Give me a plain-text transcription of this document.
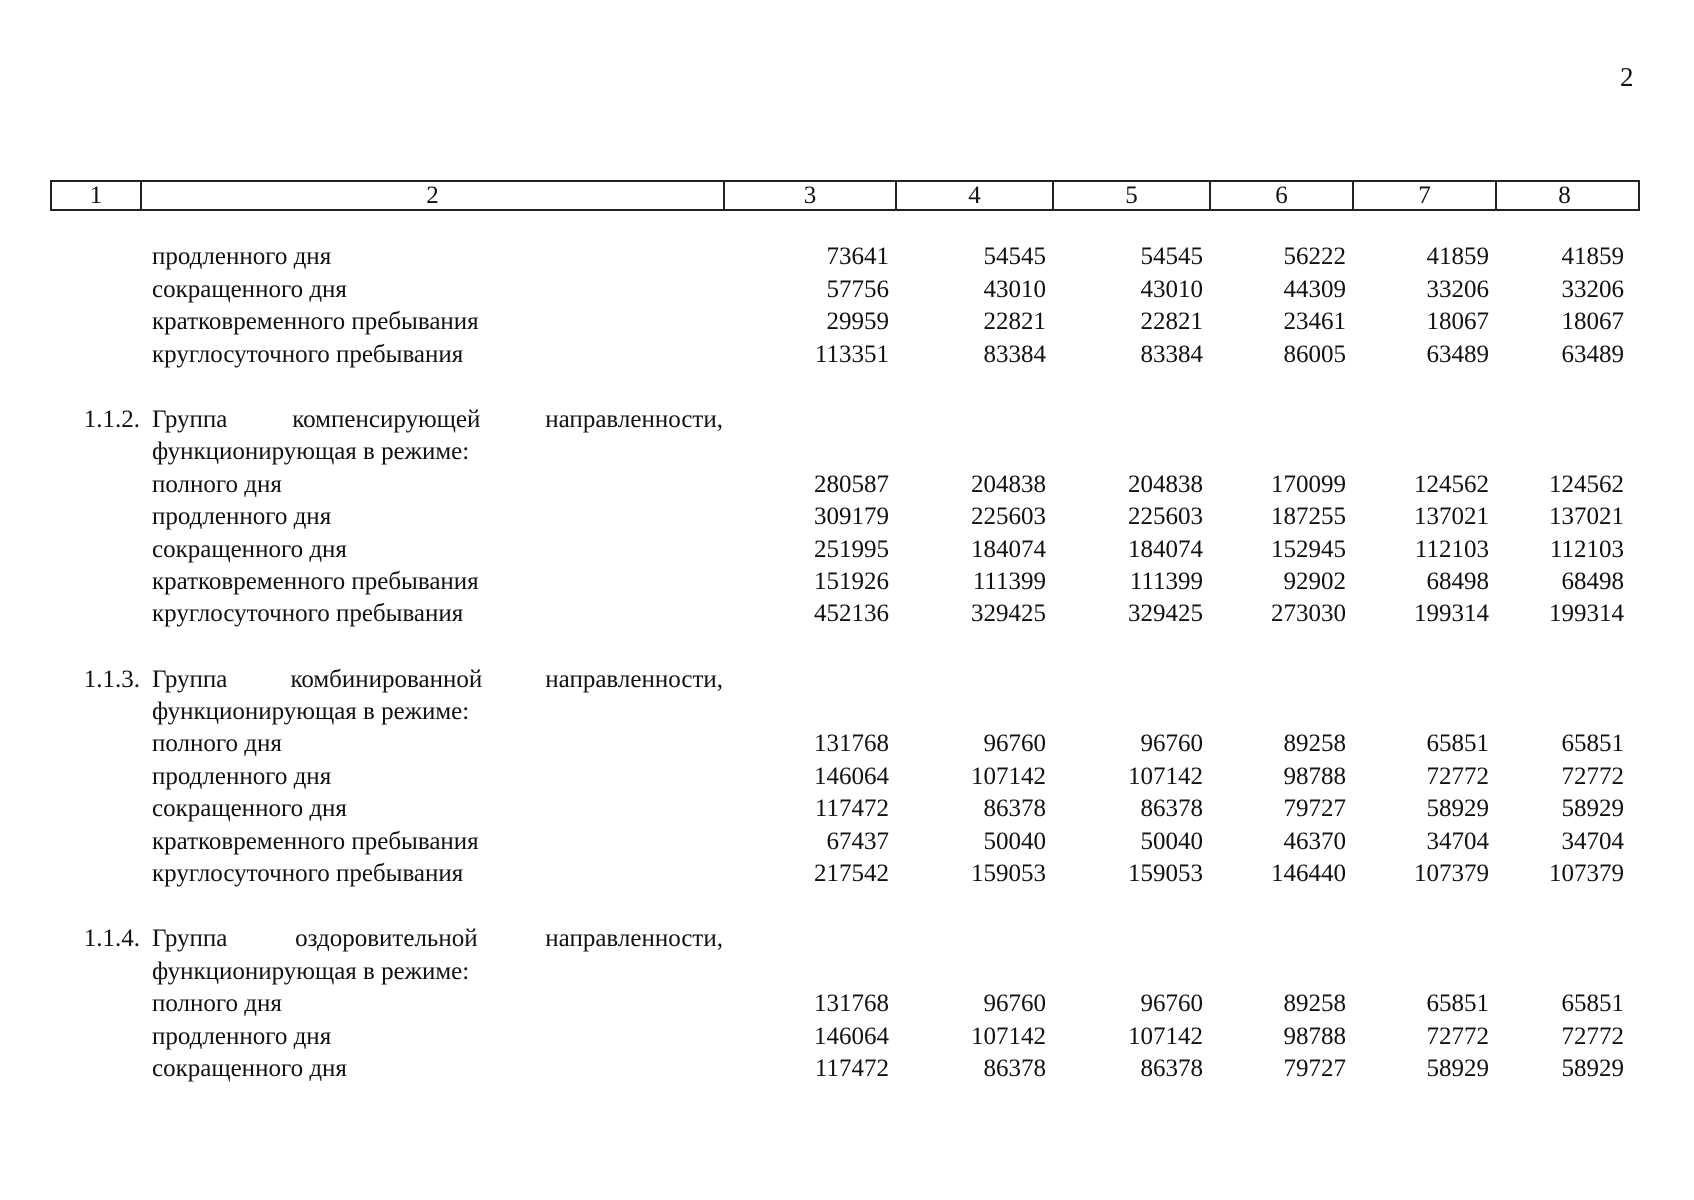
2
1	2	3	4	5	6	7	8
продленного дня	73641	54545	54545	56222	41859	41859
сокращенного дня	57756	43010	43010	44309	33206	33206
кратковременного пребывания	29959	22821	22821	23461	18067	18067
круглосуточного пребывания	113351	83384	83384	86005	63489	63489
1.1.2. Группа компенсирующей направленности,
функционирующая в режиме:
полного дня	280587	204838	204838	170099	124562	124562
продленного дня	309179	225603	225603	187255	137021	137021
сокращенного дня	251995	184074	184074	152945	112103	112103
кратковременного пребывания	151926	111399	111399	92902	68498	68498
круглосуточного пребывания	452136	329425	329425	273030	199314	199314
1.1.3. Группа комбинированной направленности,
функционирующая в режиме:
полного дня	131768	96760	96760	89258	65851	65851
продленного дня	146064	107142	107142	98788	72772	72772
сокращенного дня	117472	86378	86378	79727	58929	58929
кратковременного пребывания	67437	50040	50040	46370	34704	34704
круглосуточного пребывания	217542	159053	159053	146440	107379	107379
1.1.4. Группа оздоровительной направленности,
функционирующая в режиме:
полного дня	131768	96760	96760	89258	65851	65851
продленного дня	146064	107142	107142	98788	72772	72772
сокращенного дня	117472	86378	86378	79727	58929	58929
